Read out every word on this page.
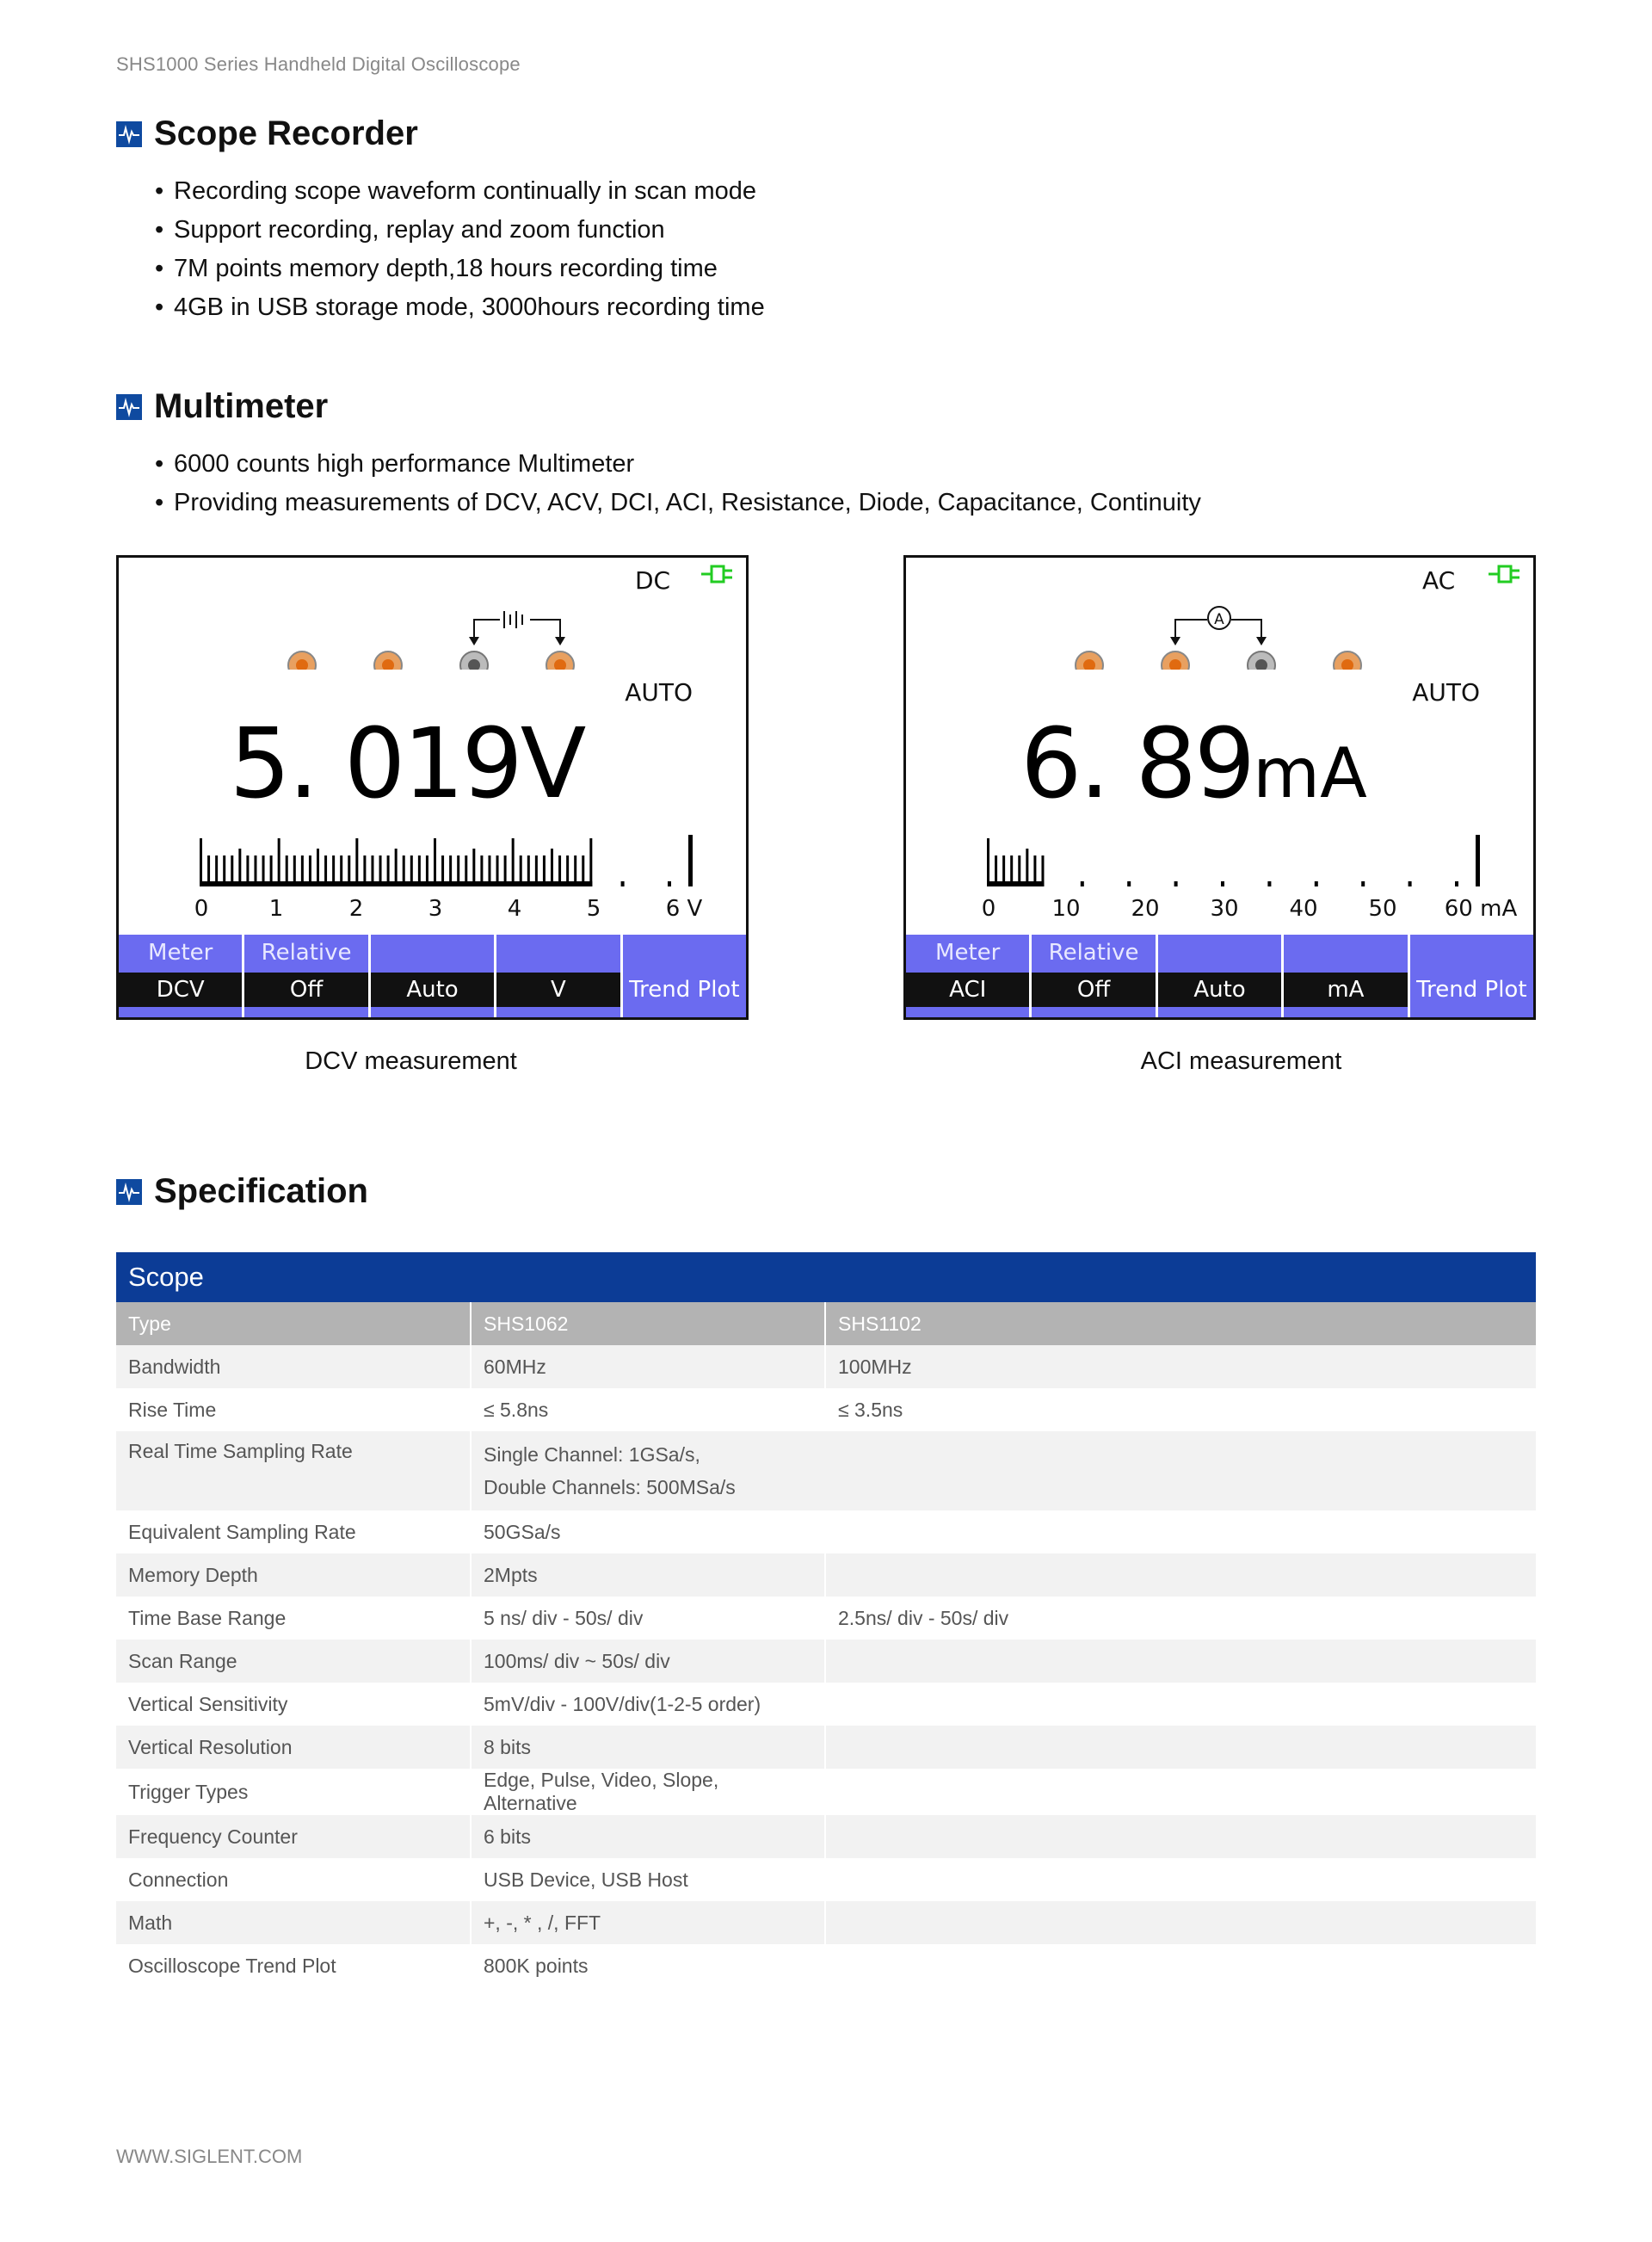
SHS1000 Series Handheld Digital Oscilloscope
Scope Recorder
• Recording scope waveform continually in scan mode
• Support recording, replay and zoom function
• 7M points memory depth,18 hours recording time
• 4GB in USB storage mode, 3000hours recording time
Multimeter
• 6000 counts high performance Multimeter
• Providing measurements of DCV, ACV, DCI, ACI, Resistance, Diode, Capacitance, Continuity
DC
AUTO
5. 019V
0	1	2	3	4	5	6 V
Meter
DCV
Relative
Off	Auto	V	Trend Plot
DCV measurement
AC
A
AUTO
6. 89mA
0	10 20 30 40 50 60 mA
Meter
ACI
Relative
Off	Auto	mA	Trend Plot
ACI measurement
Specification
Scope		
Type	SHS1062	SHS1102
Bandwidth	60MHz	100MHz
Rise Time	≤ 5.8ns	≤ 3.5ns
Real Time Sampling Rate	Single Channel: 1GSa/s,
Double Channels: 500MSa/s	

Equivalent Sampling Rate	50GSa/s	
Memory Depth	2Mpts	
Time Base Range	5 ns/ div - 50s/ div	2.5ns/ div - 50s/ div
Scan Range	100ms/ div ~ 50s/ div	
Vertical Sensitivity	5mV/div - 100V/div(1-2-5 order)	
Vertical Resolution	8 bits	
Trigger Types	Edge, Pulse, Video, Slope, Alternative	
Frequency Counter	6 bits	
Connection	USB Device, USB Host	
Math	+, -, * , /, FFT	
Oscilloscope Trend Plot	800K points	
WWW.SIGLENT.COM
